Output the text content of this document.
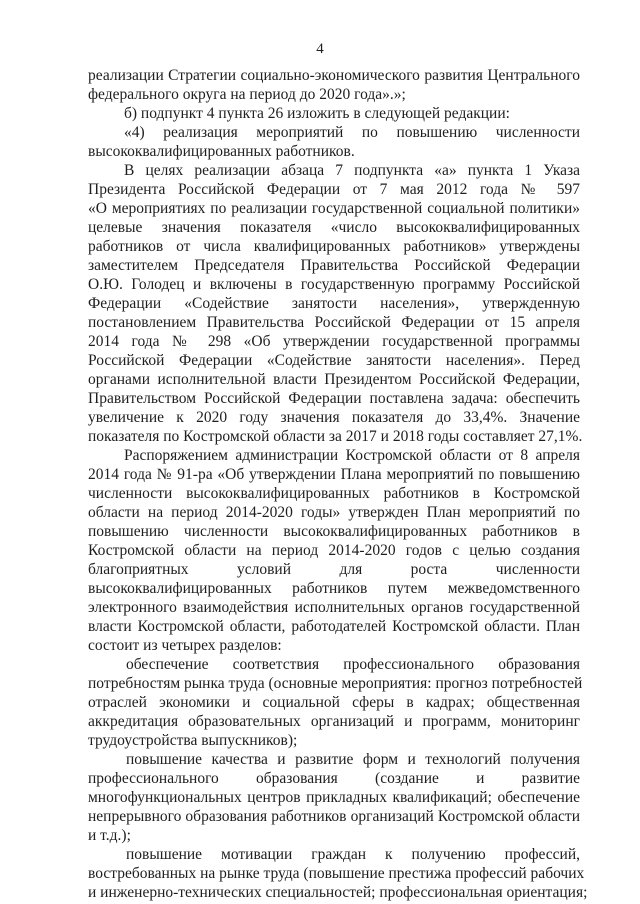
4
реализации Стратегии социально-экономического развития Центрального
федерального округа на период до 2020 года».»;
б) подпункт 4 пункта 26 изложить в следующей редакции:
«4) реализация мероприятий по повышению численности
высококвалифицированных работников.
В целях реализации абзаца 7 подпункта «а» пункта 1 Указа
Президента Российской Федерации от 7 мая 2012 года № 597
«О мероприятиях по реализации государственной социальной политики»
целевые значения показателя «число высококвалифицированных
работников от числа квалифицированных работников» утверждены
заместителем Председателя Правительства Российской Федерации
О.Ю. Голодец и включены в государственную программу Российской
Федерации «Содействие занятости населения», утвержденную
постановлением Правительства Российской Федерации от 15 апреля
2014 года № 298 «Об утверждении государственной программы
Российской Федерации «Содействие занятости населения». Перед
органами исполнительной власти Президентом Российской Федерации,
Правительством Российской Федерации поставлена задача: обеспечить
увеличение к 2020 году значения показателя до 33,4%. Значение
показателя по Костромской области за 2017 и 2018 годы составляет 27,1%.
Распоряжением администрации Костромской области от 8 апреля
2014 года № 91-ра «Об утверждении Плана мероприятий по повышению
численности высококвалифицированных работников в Костромской
области на период 2014-2020 годы» утвержден План мероприятий по
повышению численности высококвалифицированных работников в
Костромской области на период 2014-2020 годов с целью создания
благоприятных условий для роста численности
высококвалифицированных работников путем межведомственного
электронного взаимодействия исполнительных органов государственной
власти Костромской области, работодателей Костромской области. План
состоит из четырех разделов:
обеспечение соответствия профессионального образования
потребностям рынка труда (основные мероприятия: прогноз потребностей
отраслей экономики и социальной сферы в кадрах; общественная
аккредитация образовательных организаций и программ, мониторинг
трудоустройства выпускников);
повышение качества и развитие форм и технологий получения
профессионального образования (создание и развитие
многофункциональных центров прикладных квалификаций; обеспечение
непрерывного образования работников организаций Костромской области
и т.д.);
повышение мотивации граждан к получению профессий,
востребованных на рынке труда (повышение престижа профессий рабочих
и инженерно-технических специальностей; профессиональная ориентация;
